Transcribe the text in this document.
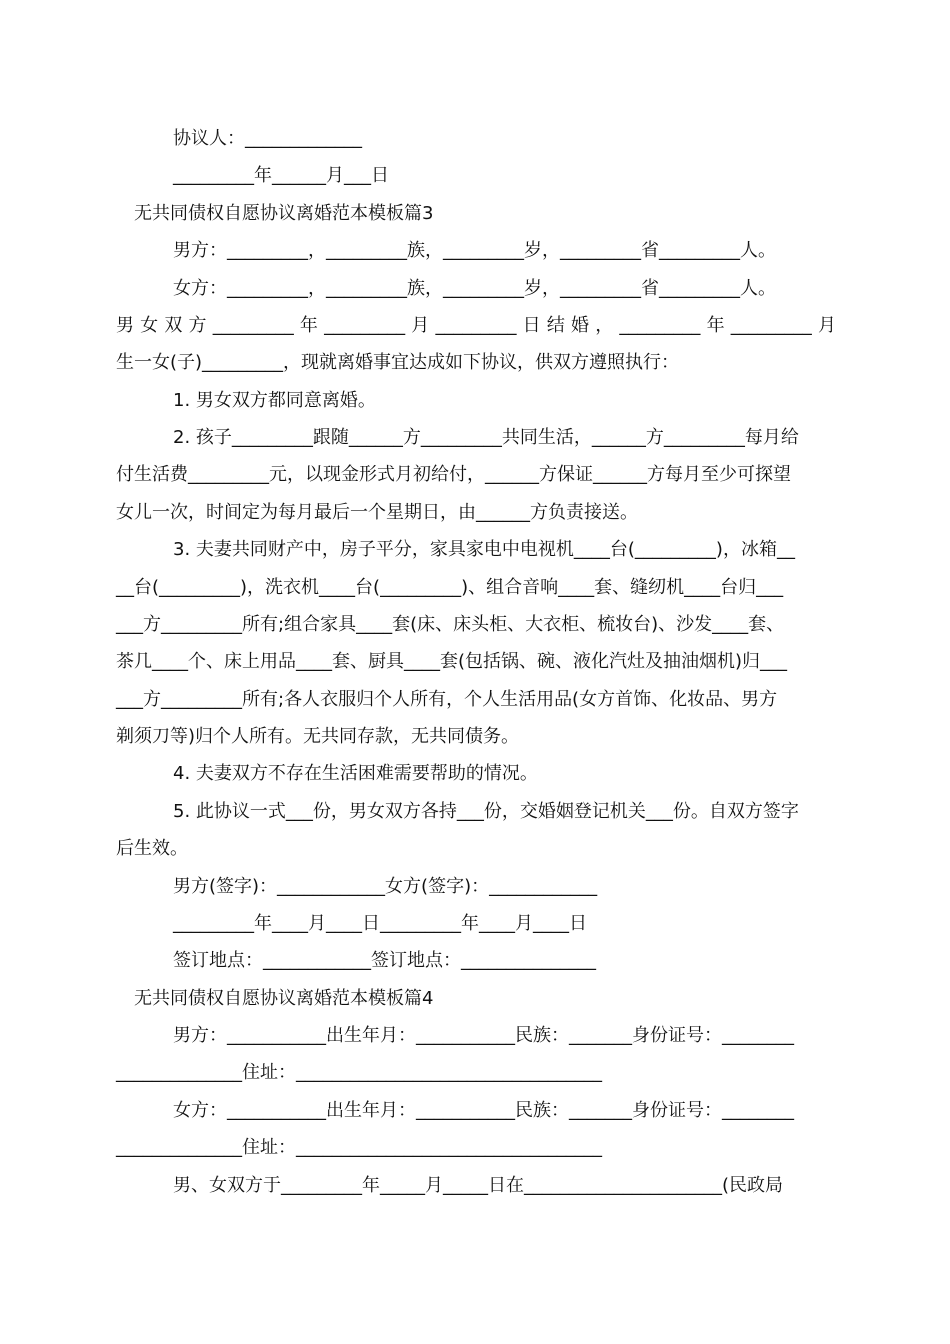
协议人：_____________
_________年______月___日
无共同债权自愿协议离婚范本模板篇3
男方：_________，_________族，_________岁，_________省_________人。
女方：_________，_________族，_________岁，_________省_________人。
男女双方_________年_________月_________日结婚，_________年_________月
生一女(子)_________，现就离婚事宜达成如下协议，供双方遵照执行：
1. 男女双方都同意离婚。
2. 孩子_________跟随______方_________共同生活，______方_________每月给
付生活费_________元，以现金形式月初给付，______方保证______方每月至少可探望
女儿一次，时间定为每月最后一个星期日，由______方负责接送。
3. 夫妻共同财产中，房子平分，家具家电中电视机____台(_________)，冰箱__
__台(_________)，洗衣机____台(_________)、组合音响____套、缝纫机____台归___
___方_________所有;组合家具____套(床、床头柜、大衣柜、梳妆台)、沙发____套、
茶几____个、床上用品____套、厨具____套(包括锅、碗、液化汽灶及抽油烟机)归___
___方_________所有;各人衣服归个人所有，个人生活用品(女方首饰、化妆品、男方
剃须刀等)归个人所有。无共同存款，无共同债务。
4. 夫妻双方不存在生活困难需要帮助的情况。
5. 此协议一式___份，男女双方各持___份，交婚姻登记机关___份。自双方签字
后生效。
男方(签字)：____________女方(签字)：____________
_________年____月____日_________年____月____日
签订地点：____________签订地点：_______________
无共同债权自愿协议离婚范本模板篇4
男方：___________出生年月：___________民族：_______身份证号：________
______________住址：__________________________________
女方：___________出生年月：___________民族：_______身份证号：________
______________住址：__________________________________
男、女双方于_________年_____月_____日在______________________(民政局
